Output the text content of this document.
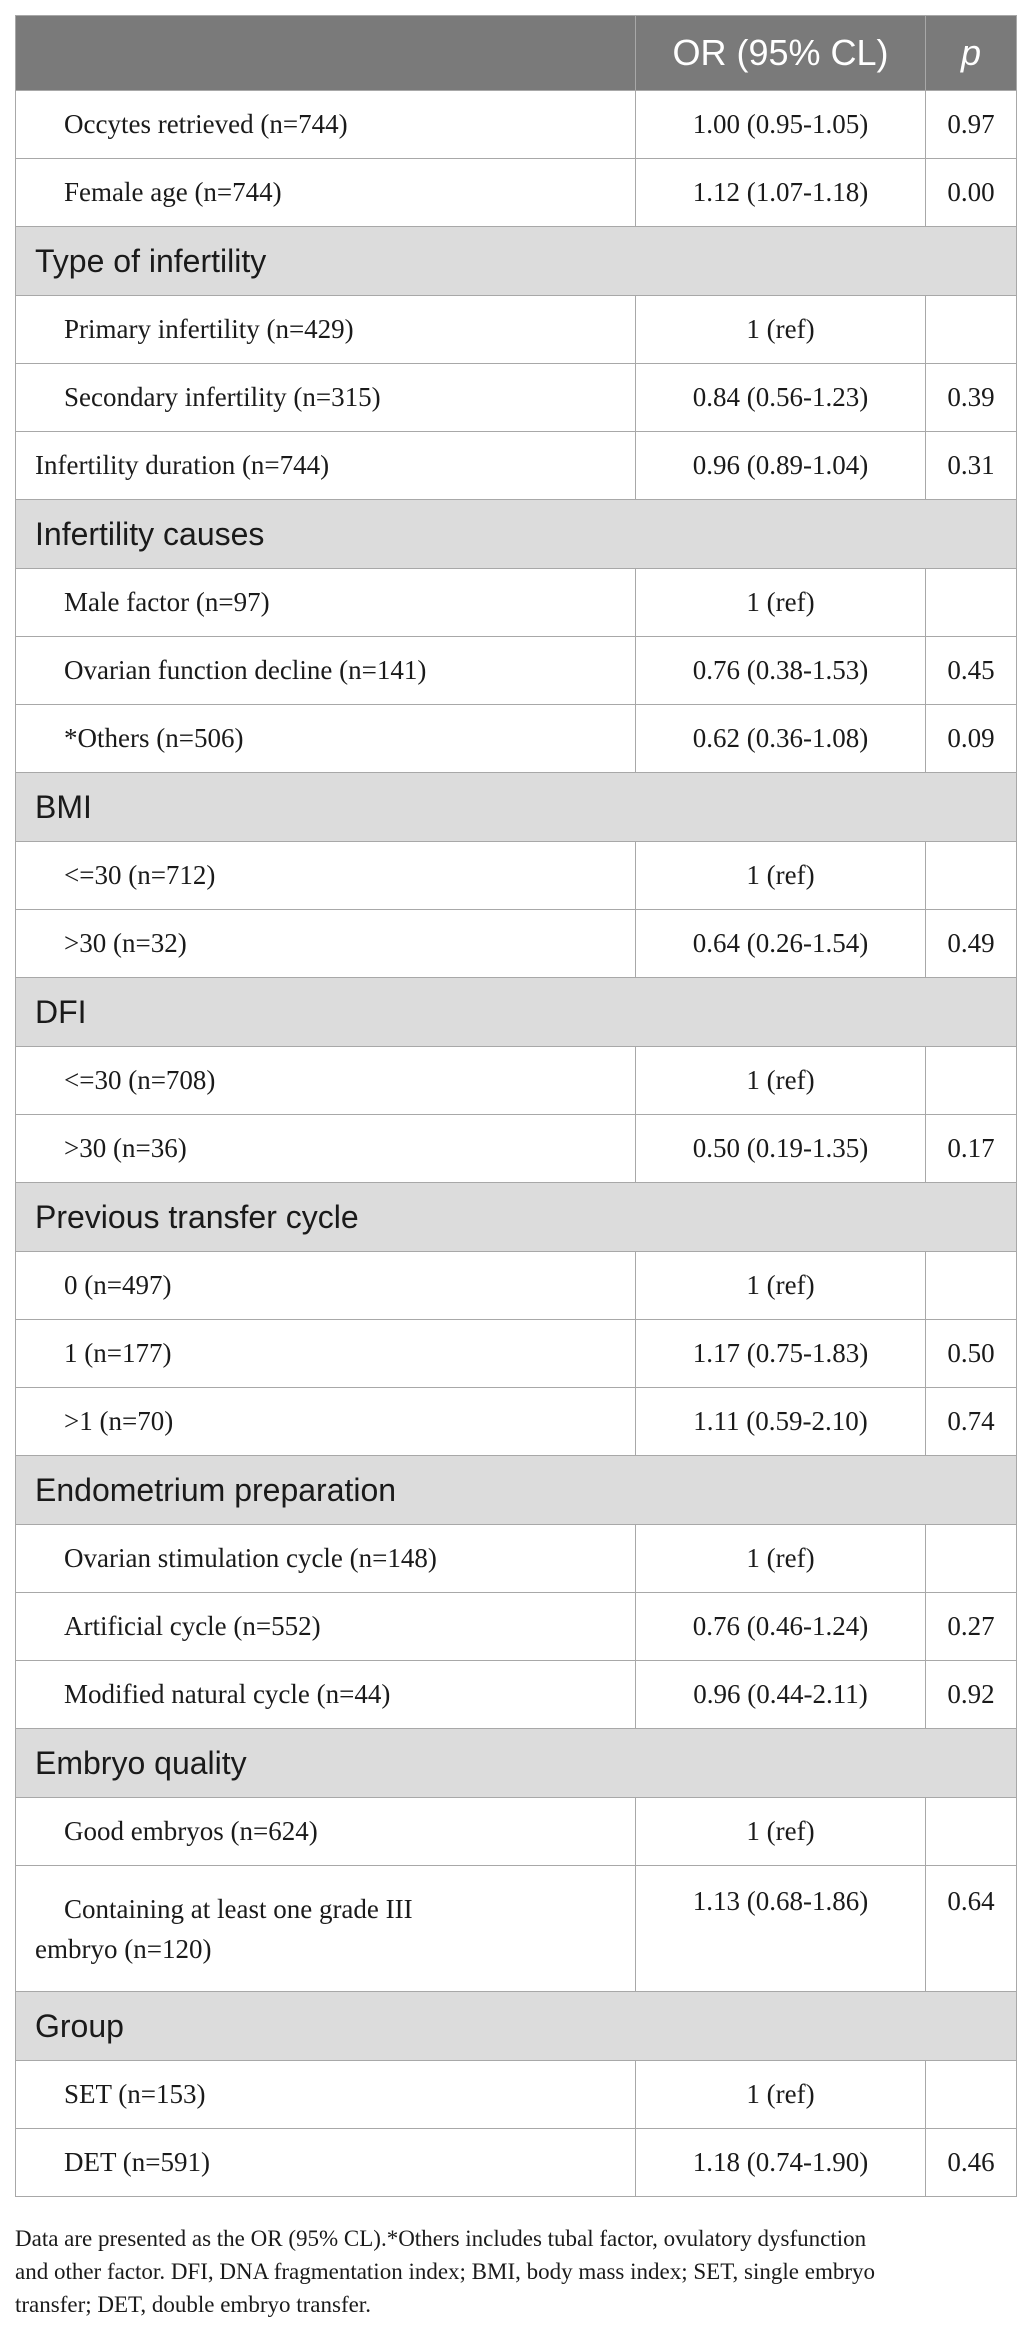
	OR (95% CL)	p
Occytes retrieved (n=744)	1.00 (0.95-1.05)	0.97
Female age (n=744)	1.12 (1.07-1.18)	0.00
Type of infertility		
Primary infertility (n=429)	1 (ref)	
Secondary infertility (n=315)	0.84 (0.56-1.23)	0.39
Infertility duration (n=744)	0.96 (0.89-1.04)	0.31
Infertility causes		
Male factor (n=97)	1 (ref)	
Ovarian function decline (n=141)	0.76 (0.38-1.53)	0.45
*Others (n=506)	0.62 (0.36-1.08)	0.09
BMI		
<=30 (n=712)	1 (ref)	
>30 (n=32)	0.64 (0.26-1.54)	0.49
DFI		
<=30 (n=708)	1 (ref)	
>30 (n=36)	0.50 (0.19-1.35)	0.17
Previous transfer cycle		
0 (n=497)	1 (ref)	
1 (n=177)	1.17 (0.75-1.83)	0.50
>1 (n=70)	1.11 (0.59-2.10)	0.74
Endometrium preparation		
Ovarian stimulation cycle (n=148)	1 (ref)	
Artificial cycle (n=552)	0.76 (0.46-1.24)	0.27
Modified natural cycle (n=44)	0.96 (0.44-2.11)	0.92
Embryo quality		
Good embryos (n=624)	1 (ref)	

Containing at least one grade III
embryo (n=120)	1.13 (0.68-1.86)	0.64
Group		
SET (n=153)	1 (ref)	
DET (n=591)	1.18 (0.74-1.90)	0.46
Data are presented as the OR (95% CL).*Others includes tubal factor, ovulatory dysfunction
and other factor. DFI, DNA fragmentation index; BMI, body mass index; SET, single embryo
transfer; DET, double embryo transfer.
